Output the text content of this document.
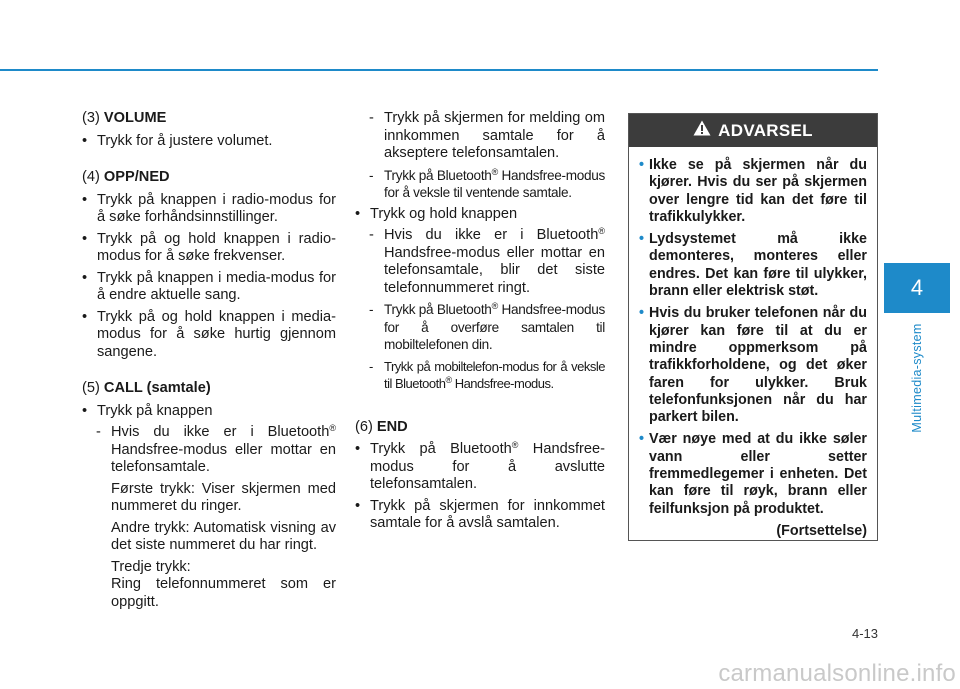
(3) VOLUME
• Trykk for å justere volumet.
(4) OPP/NED
• Trykk på knappen i radio-modus for å søke forhåndsinnstillinger.
• Trykk på og hold knappen i radio-modus for å søke frekvenser.
• Trykk på knappen i media-modus for å endre aktuelle sang.
• Trykk på og hold knappen i media-modus for å søke hurtig gjennom sangene.
(5) CALL (samtale)
• Trykk på knappen
- Hvis du ikke er i Bluetooth® Handsfree-modus eller mottar en telefonsamtale.
Første trykk: Viser skjermen med nummeret du ringer.
Andre trykk: Automatisk visning av det siste nummeret du har ringt.
Tredje trykk:

Ring telefonnummeret som er oppgitt.
- Trykk på skjermen for melding om innkommen samtale for å akseptere telefonsamtalen.
- Trykk på Bluetooth® Handsfree-modus for å veksle til ventende samtale.
• Trykk og hold knappen
- Hvis du ikke er i Bluetooth® Handsfree-modus eller mottar en telefonsamtale, blir det siste telefonnummeret ringt.
- Trykk på Bluetooth® Handsfree-modus for å overføre samtalen til mobiltelefonen din.
- Trykk på mobiltelefon-modus for å veksle til Bluetooth® Handsfree-modus.
(6) END
• Trykk på Bluetooth® Handsfree-modus for å avslutte telefonsamtalen.
• Trykk på skjermen for innkommet samtale for å avslå samtalen.
ADVARSEL
• Ikke se på skjermen når du kjører. Hvis du ser på skjermen over lengre tid kan det føre til trafikkulykker.
• Lydsystemet må ikke demonteres, monteres eller endres. Det kan føre til ulykker, brann eller elektrisk støt.
• Hvis du bruker telefonen når du kjører kan føre til at du er mindre oppmerksom på trafikkforholdene, og det øker faren for ulykker. Bruk telefonfunksjonen når du har parkert bilen.
• Vær nøye med at du ikke søler vann eller setter fremmedlegemer i enheten. Det kan føre til røyk, brann eller feilfunksjon på produktet.
(Fortsettelse)
4
Multimedia-system
4-13
carmanualsonline.info
